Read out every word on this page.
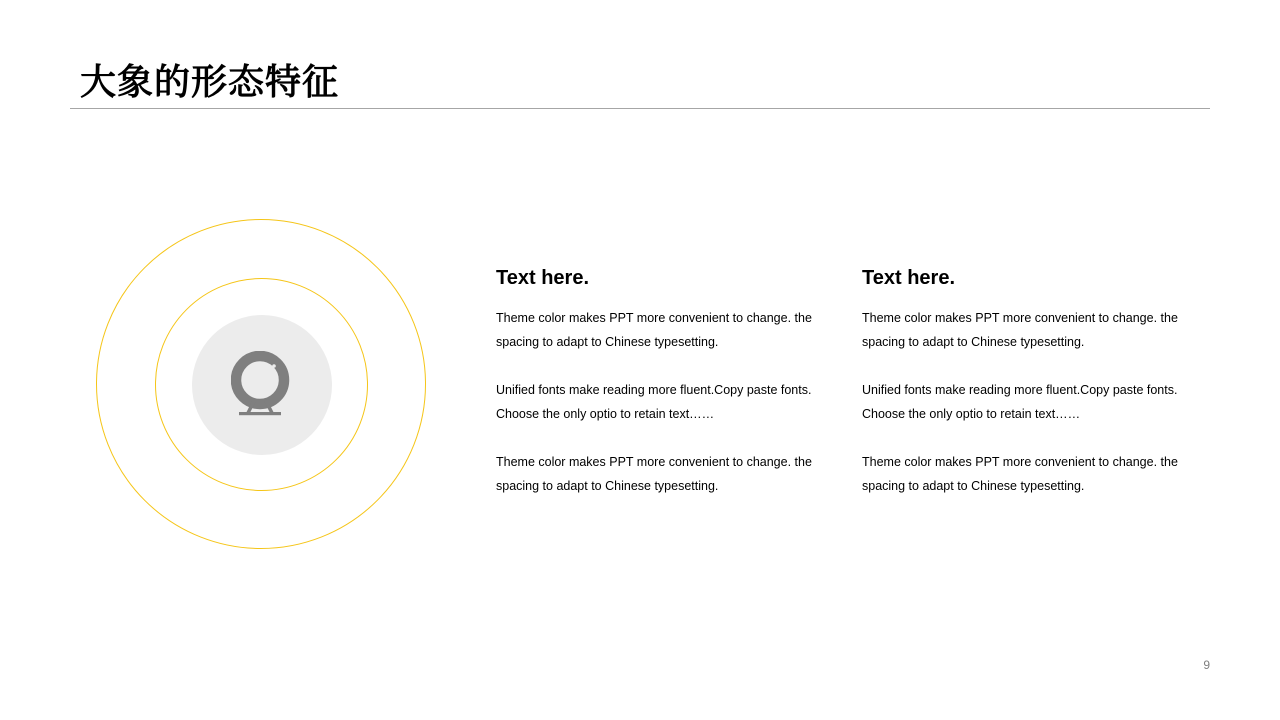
大象的形态特征
Text here.

Theme color makes PPT more convenient to change. the spacing to adapt to Chinese typesetting.

Unified fonts make reading more fluent.Copy paste fonts. Choose the only optio to retain text……

Theme color makes PPT more convenient to change. the spacing to adapt to Chinese typesetting.

Text here.

Theme color makes PPT more convenient to change. the spacing to adapt to Chinese typesetting.

Unified fonts make reading more fluent.Copy paste fonts. Choose the only optio to retain text……

Theme color makes PPT more convenient to change. the spacing to adapt to Chinese typesetting.

9
